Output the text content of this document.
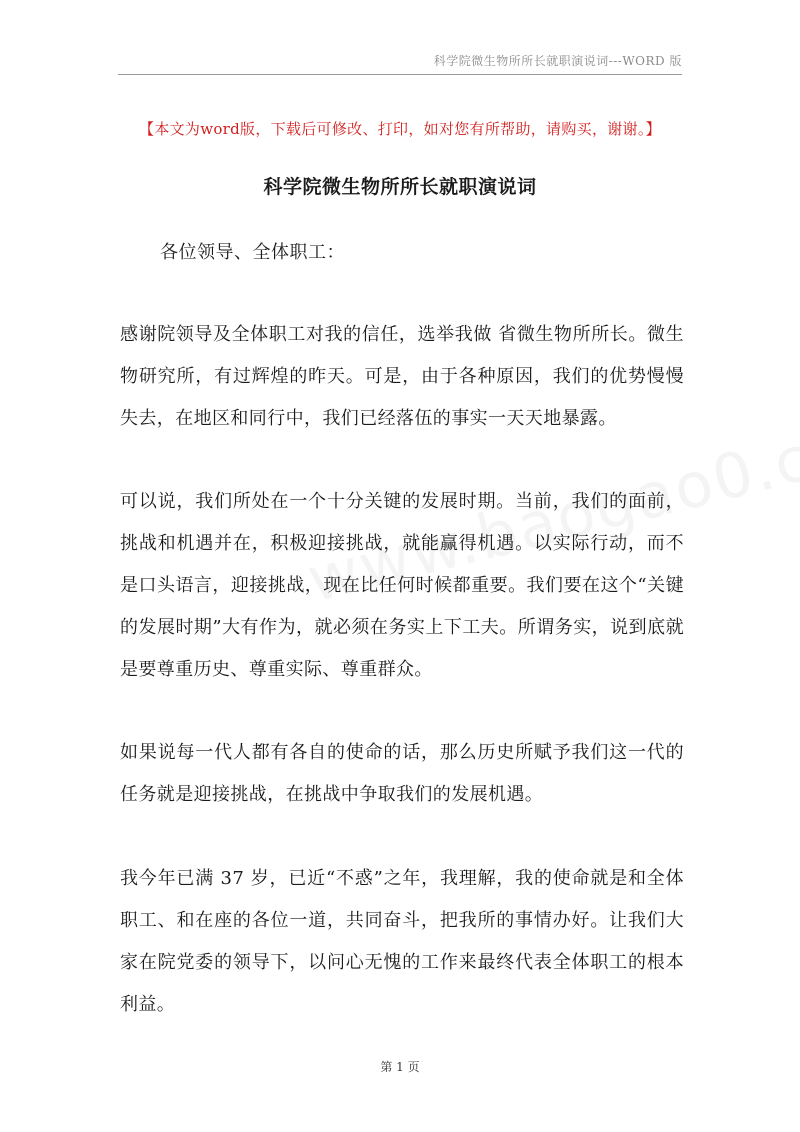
科学院微生物所所长就职演说词---WORD 版
【本文为word版，下载后可修改、打印，如对您有所帮助，请购买，谢谢。】
科学院微生物所所长就职演说词
各位领导、全体职工：
感谢院领导及全体职工对我的信任，选举我做 省微生物所所长。微生物研究所，有过辉煌的昨天。可是，由于各种原因，我们的优势慢慢失去，在地区和同行中，我们已经落伍的事实一天天地暴露。
可以说，我们所处在一个十分关键的发展时期。当前，我们的面前，挑战和机遇并在，积极迎接挑战，就能赢得机遇。以实际行动，而不是口头语言，迎接挑战，现在比任何时候都重要。我们要在这个“关键的发展时期”大有作为，就必须在务实上下工夫。所谓务实，说到底就是要尊重历史、尊重实际、尊重群众。
如果说每一代人都有各自的使命的话，那么历史所赋予我们这一代的任务就是迎接挑战，在挑战中争取我们的发展机遇。
我今年已满 37 岁，已近“不惑”之年，我理解，我的使命就是和全体职工、和在座的各位一道，共同奋斗，把我所的事情办好。让我们大家在院党委的领导下，以问心无愧的工作来最终代表全体职工的根本利益。
第 1 页
